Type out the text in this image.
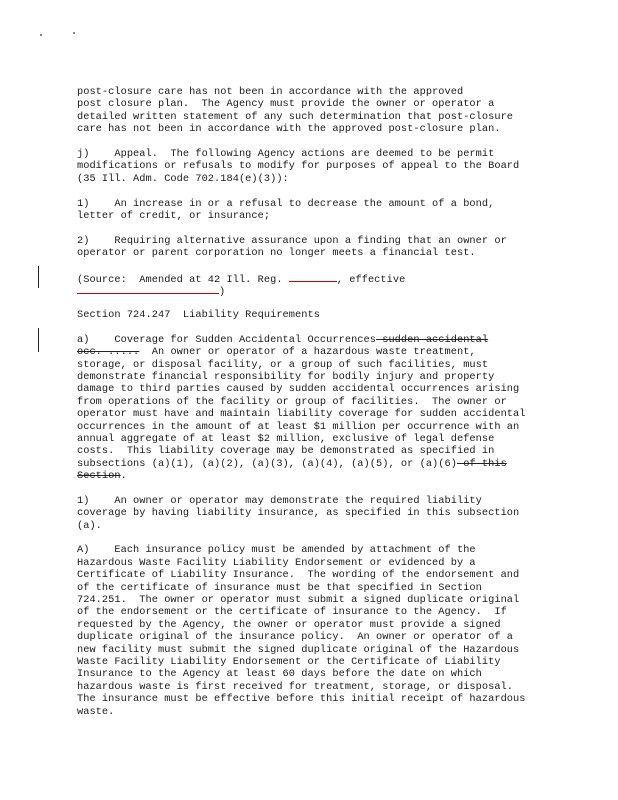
post-closure care has not been in accordance with the approved
post closure plan.  The Agency must provide the owner or operator a
detailed written statement of any such determination that post-closure
care has not been in accordance with the approved post-closure plan.
j)    Appeal.  The following Agency actions are deemed to be permit
modifications or refusals to modify for purposes of appeal to the Board
(35 Ill. Adm. Code 702.184(e)(3)):
1)    An increase in or a refusal to decrease the amount of a bond,
letter of credit, or insurance;
2)    Requiring alternative assurance upon a finding that an owner or
operator or parent corporation no longer meets a financial test.
(Source:  Amended at 42 Ill. Reg.	, effective
)
Section 724.247  Liability Requirements
a)    Coverage for Sudden Accidental Occurrences sudden accidental
occ. .....  An owner or operator of a hazardous waste treatment,
storage, or disposal facility, or a group of such facilities, must
demonstrate financial responsibility for bodily injury and property
damage to third parties caused by sudden accidental occurrences arising
from operations of the facility or group of facilities.  The owner or
operator must have and maintain liability coverage for sudden accidental
occurrences in the amount of at least $1 million per occurrence with an
annual aggregate of at least $2 million, exclusive of legal defense
costs.  This liability coverage may be demonstrated as specified in
subsections (a)(1), (a)(2), (a)(3), (a)(4), (a)(5), or (a)(6) of this
Section.
1)    An owner or operator may demonstrate the required liability
coverage by having liability insurance, as specified in this subsection
(a).
A)    Each insurance policy must be amended by attachment of the
Hazardous Waste Facility Liability Endorsement or evidenced by a
Certificate of Liability Insurance.  The wording of the endorsement and
of the certificate of insurance must be that specified in Section
724.251.  The owner or operator must submit a signed duplicate original
of the endorsement or the certificate of insurance to the Agency.  If
requested by the Agency, the owner or operator must provide a signed
duplicate original of the insurance policy.  An owner or operator of a
new facility must submit the signed duplicate original of the Hazardous
Waste Facility Liability Endorsement or the Certificate of Liability
Insurance to the Agency at least 60 days before the date on which
hazardous waste is first received for treatment, storage, or disposal.
The insurance must be effective before this initial receipt of hazardous
waste.
